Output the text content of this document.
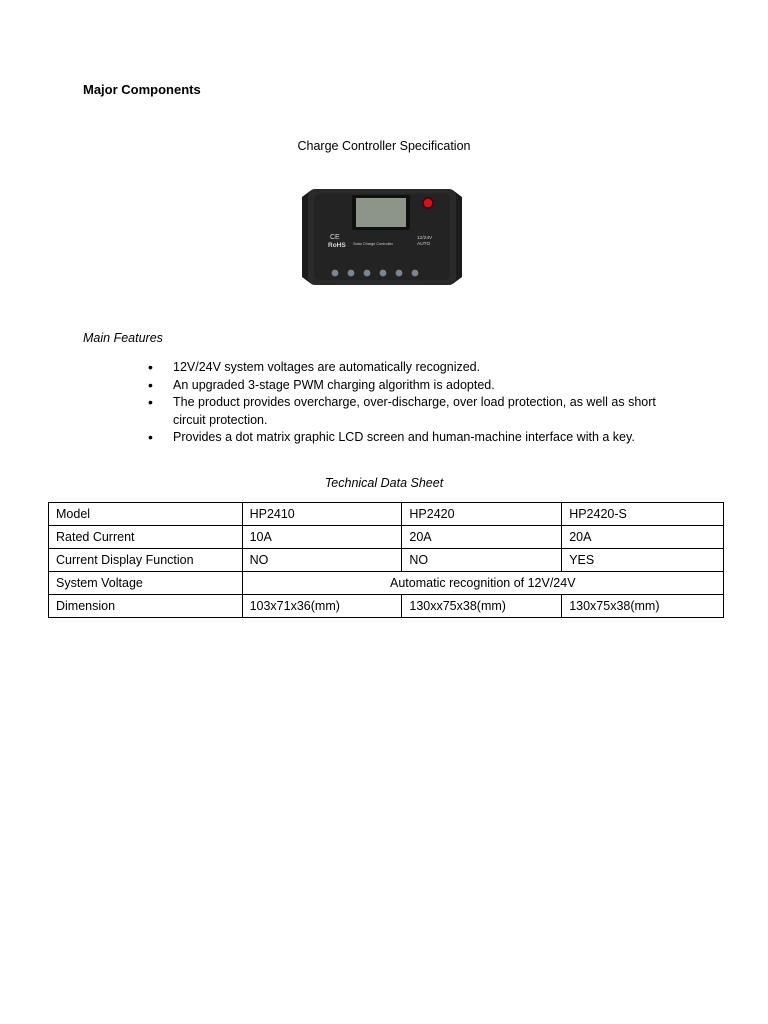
Major Components
Charge Controller Specification
CE
RoHS Solar Charge Controller
12/24V
AUTO
Main Features
• 12V/24V system voltages are automatically recognized.
• An upgraded 3-stage PWM charging algorithm is adopted.
• The product provides overcharge, over-discharge, over load protection, as well as short circuit protection.
• Provides a dot matrix graphic LCD screen and human-machine interface with a key.
Technical Data Sheet
Model	HP2410	HP2420	HP2420-S
Rated Current	10A	20A	20A
Current Display Function	NO	NO	YES
System Voltage	Automatic recognition of 12V/24V		
Dimension	103x71x36(mm)	130xx75x38(mm)	130x75x38(mm)
